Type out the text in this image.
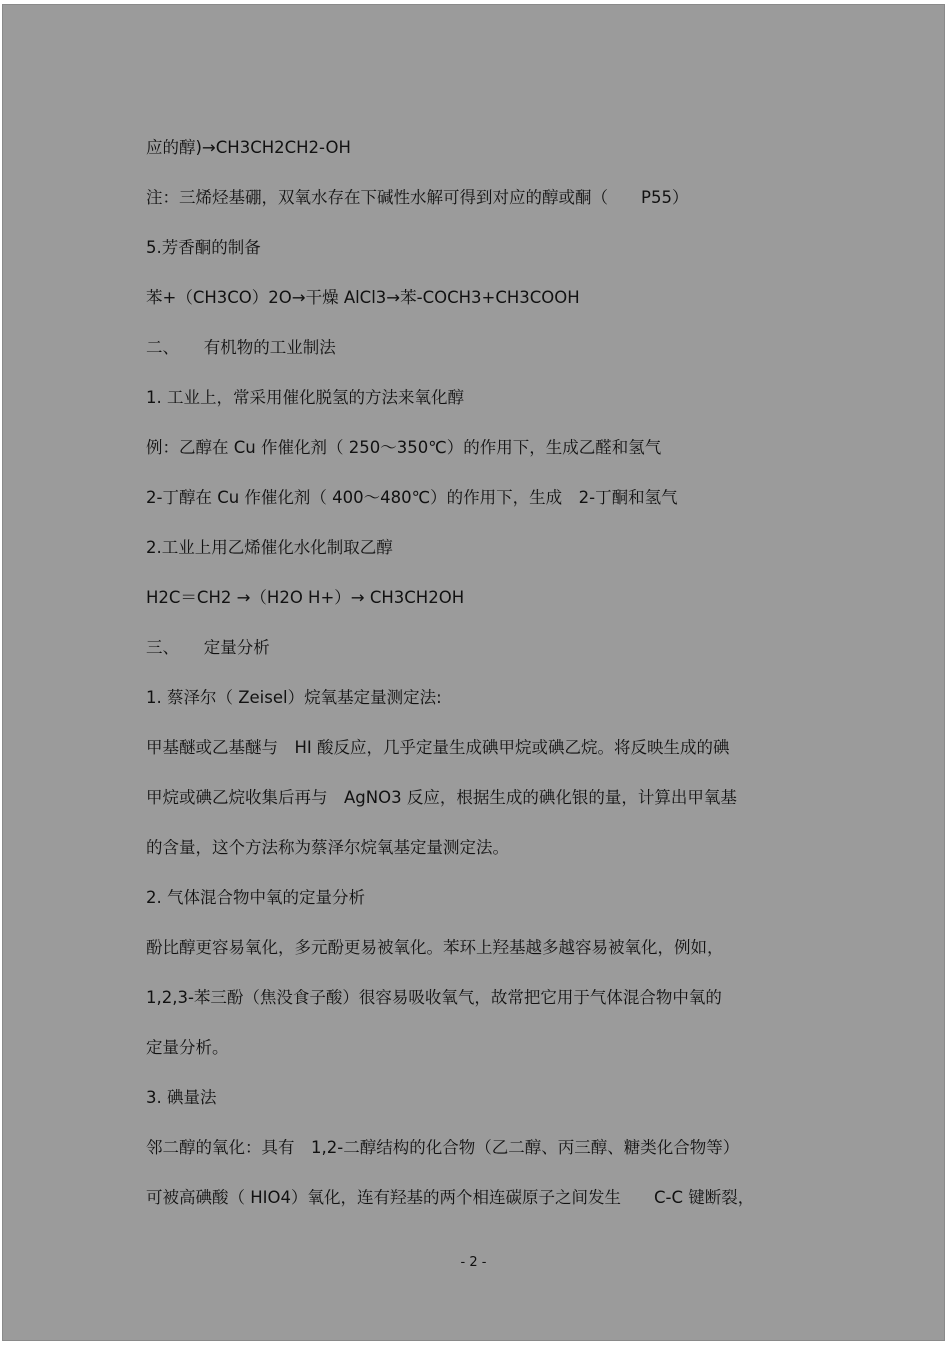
应的醇)→CH3CH2CH2-OH
注：三烯烃基硼，双氧水存在下碱性水解可得到对应的醇或酮（　　P55）
5.芳香酮的制备
苯+（CH3CO）2O→干燥 AlCl3→苯-COCH3+CH3COOH
二、　　有机物的工业制法
1. 工业上，常采用催化脱氢的方法来氧化醇
例：乙醇在 Cu 作催化剂（ 250～350℃）的作用下，生成乙醛和氢气
2-丁醇在 Cu 作催化剂（ 400～480℃）的作用下，生成　2-丁酮和氢气
2.工业上用乙烯催化水化制取乙醇
H2C＝CH2 →（H2O H+）→ CH3CH2OH
三、　　定量分析
1. 蔡泽尔（ Zeisel）烷氧基定量测定法:
甲基醚或乙基醚与　HI 酸反应，几乎定量生成碘甲烷或碘乙烷。将反映生成的碘
甲烷或碘乙烷收集后再与　AgNO3 反应，根据生成的碘化银的量，计算出甲氧基
的含量，这个方法称为蔡泽尔烷氧基定量测定法。
2. 气体混合物中氧的定量分析
酚比醇更容易氧化，多元酚更易被氧化。苯环上羟基越多越容易被氧化，例如，
1,2,3-苯三酚（焦没食子酸）很容易吸收氧气，故常把它用于气体混合物中氧的
定量分析。
3. 碘量法
邻二醇的氧化：具有　1,2-二醇结构的化合物（乙二醇、丙三醇、糖类化合物等）
可被高碘酸（ HIO4）氧化，连有羟基的两个相连碳原子之间发生　　C-C 键断裂，
- 2 -
